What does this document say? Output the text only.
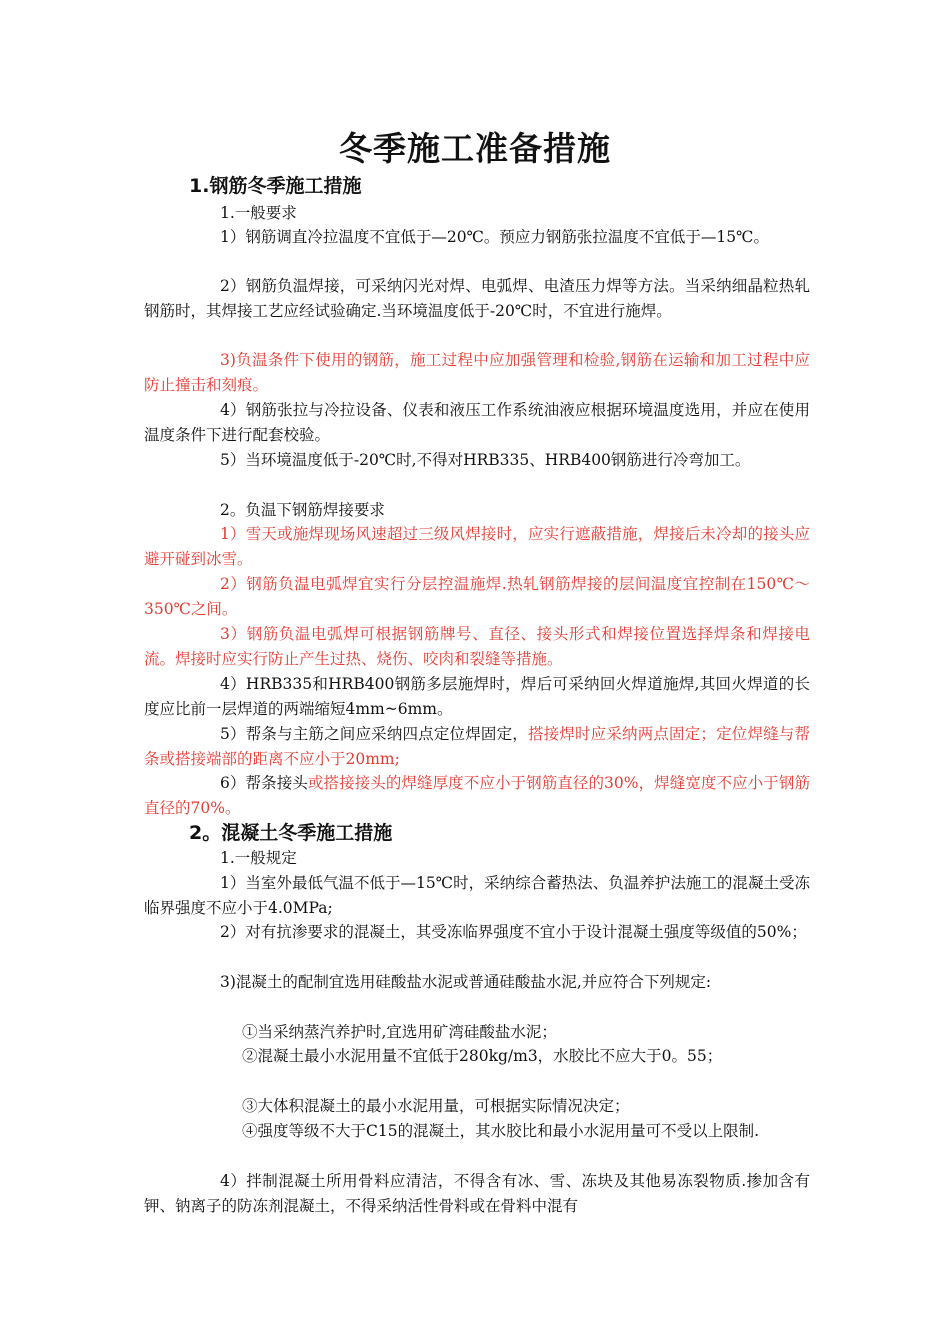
冬季施工准备措施
1.钢筋冬季施工措施

1.一般要求

1）钢筋调直冷拉温度不宜低于—20℃。预应力钢筋张拉温度不宜低于—15℃。

2）钢筋负温焊接，可采纳闪光对焊、电弧焊、电渣压力焊等方法。当采纳细晶粒热轧钢筋时，其焊接工艺应经试验确定.当环境温度低于-20℃时，不宜进行施焊。

3)负温条件下使用的钢筋，施工过程中应加强管理和检验,钢筋在运输和加工过程中应防止撞击和刻痕。

4）钢筋张拉与冷拉设备、仪表和液压工作系统油液应根据环境温度选用，并应在使用温度条件下进行配套校验。

5）当环境温度低于-20℃时,不得对HRB335、HRB400钢筋进行冷弯加工。

2。负温下钢筋焊接要求

1）雪天或施焊现场风速超过三级风焊接时，应实行遮蔽措施，焊接后未冷却的接头应避开碰到冰雪。

2）钢筋负温电弧焊宜实行分层控温施焊.热轧钢筋焊接的层间温度宜控制在150℃～350℃之间。

3）钢筋负温电弧焊可根据钢筋牌号、直径、接头形式和焊接位置选择焊条和焊接电流。焊接时应实行防止产生过热、烧伤、咬肉和裂缝等措施。

4）HRB335和HRB400钢筋多层施焊时，焊后可采纳回火焊道施焊,其回火焊道的长度应比前一层焊道的两端缩短4mm~6mm。

5）帮条与主筋之间应采纳四点定位焊固定，搭接焊时应采纳两点固定；定位焊缝与帮条或搭接端部的距离不应小于20mm;

6）帮条接头或搭接接头的焊缝厚度不应小于钢筋直径的30%，焊缝宽度不应小于钢筋直径的70%。

2。混凝土冬季施工措施

1.一般规定

1）当室外最低气温不低于—15℃时，采纳综合蓄热法、负温养护法施工的混凝土受冻临界强度不应小于4.0MPa;

2）对有抗渗要求的混凝土，其受冻临界强度不宜小于设计混凝土强度等级值的50%；

3)混凝土的配制宜选用硅酸盐水泥或普通硅酸盐水泥,并应符合下列规定:

①当采纳蒸汽养护时,宜选用矿湾硅酸盐水泥；

②混凝土最小水泥用量不宜低于280kg/m3，水胶比不应大于0。55；

③大体积混凝土的最小水泥用量，可根据实际情况决定；

④强度等级不大于C15的混凝土，其水胶比和最小水泥用量可不受以上限制.

4）拌制混凝土所用骨料应清洁，不得含有冰、雪、冻块及其他易冻裂物质.掺加含有钾、钠离子的防冻剂混凝土，不得采纳活性骨料或在骨料中混有
